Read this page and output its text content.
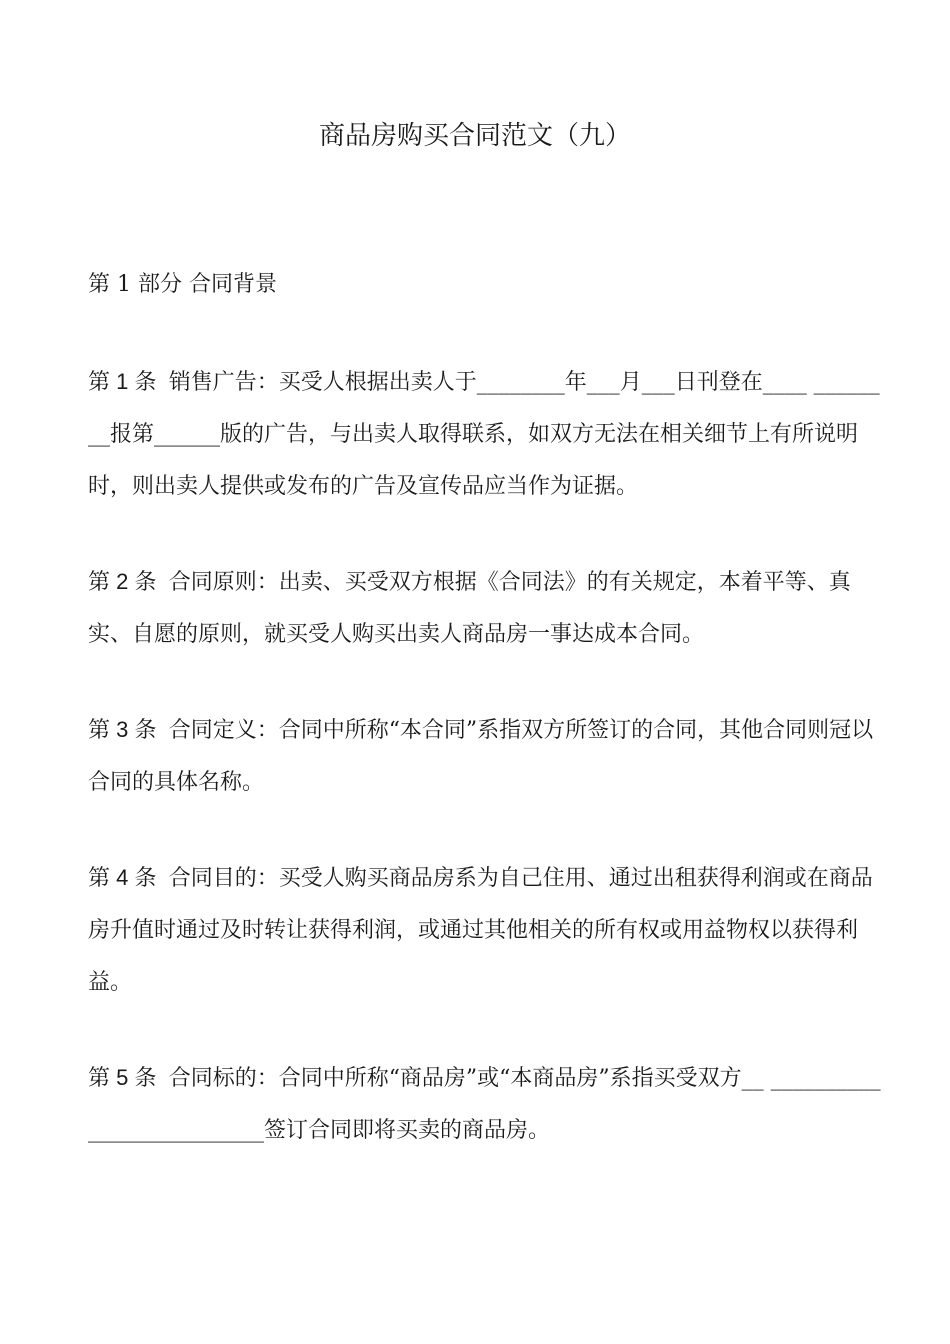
商品房购买合同范文（九）

第 1 部分 合同背景

第 1 条  销售广告：买受人根据出卖人于________年___月___日刊登在____ ________报第______版的广告，与出卖人取得联系，如双方无法在相关细节上有所说明时，则出卖人提供或发布的广告及宣传品应当作为证据。

第 2 条  合同原则：出卖、买受双方根据《合同法》的有关规定，本着平等、真实、自愿的原则，就买受人购买出卖人商品房一事达成本合同。

第 3 条  合同定义：合同中所称“本合同”系指双方所签订的合同，其他合同则冠以合同的具体名称。

第 4 条  合同目的：买受人购买商品房系为自己住用、通过出租获得利润或在商品房升值时通过及时转让获得利润，或通过其他相关的所有权或用益物权以获得利益。

第 5 条  合同标的：合同中所称“商品房”或“本商品房”系指买受双方__ __________________________签订合同即将买卖的商品房。
